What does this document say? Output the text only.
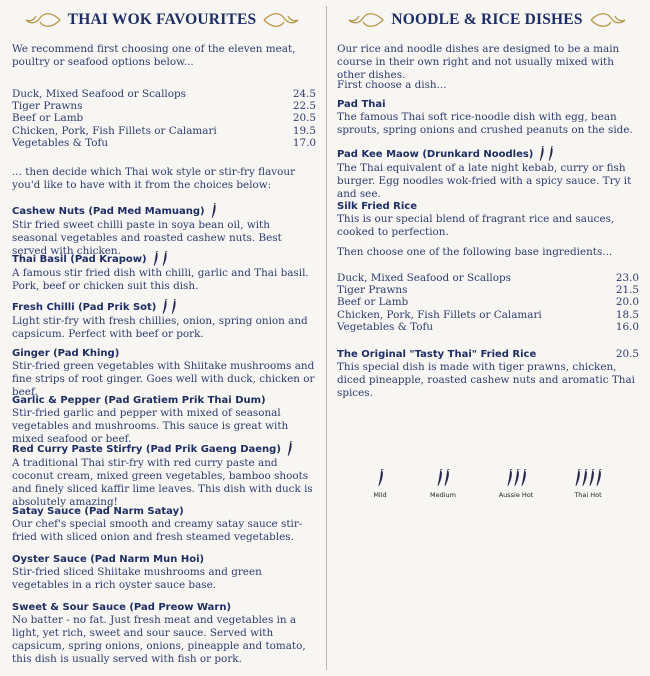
THAI WOK FAVOURITES
We recommend first choosing one of the eleven meat, poultry or seafood options below...
Duck, Mixed Seafood or Scallops	24.5
Tiger Prawns	22.5
Beef or Lamb	20.5
Chicken, Pork, Fish Fillets or Calamari	19.5
Vegetables & Tofu	17.0
... then decide which Thai wok style or stir-fry flavour you'd like to have with it from the choices below:
Cashew Nuts (Pad Med Mamuang)
Stir fried sweet chilli paste in soya bean oil, with seasonal vegetables and roasted cashew nuts. Best served with chicken.
Thai Basil (Pad Krapow)
A famous stir fried dish with chilli, garlic and Thai basil. Pork, beef or chicken suit this dish.
Fresh Chilli (Pad Prik Sot)
Light stir-fry with fresh chillies, onion, spring onion and capsicum. Perfect with beef or pork.
Ginger (Pad Khing)
Stir-fried green vegetables with Shiitake mushrooms and fine strips of root ginger. Goes well with duck, chicken or beef.
Garlic & Pepper (Pad Gratiem Prik Thai Dum)
Stir-fried garlic and pepper with mixed of seasonal vegetables and mushrooms. This sauce is great with mixed seafood or beef.
Red Curry Paste Stirfry (Pad Prik Gaeng Daeng)
A traditional Thai stir-fry with red curry paste and coconut cream, mixed green vegetables, bamboo shoots and finely sliced kaffir lime leaves. This dish with duck is absolutely amazing!
Satay Sauce (Pad Narm Satay)
Our chef's special smooth and creamy satay sauce stir-fried with sliced onion and fresh steamed vegetables.
Oyster Sauce (Pad Narm Mun Hoi)
Stir-fried sliced Shiitake mushrooms and green vegetables in a rich oyster sauce base.
Sweet & Sour Sauce (Pad Preow Warn)
No batter - no fat. Just fresh meat and vegetables in a light, yet rich, sweet and sour sauce. Served with capsicum, spring onions, onions, pineapple and tomato, this dish is usually served with fish or pork.
NOODLE & RICE DISHES
Our rice and noodle dishes are designed to be a main course in their own right and not usually mixed with other dishes.
First choose a dish...
Pad Thai
The famous Thai soft rice-noodle dish with egg, bean sprouts, spring onions and crushed peanuts on the side.
Pad Kee Maow (Drunkard Noodles)
The Thai equivalent of a late night kebab, curry or fish burger. Egg noodles wok-fried with a spicy sauce. Try it and see.
Silk Fried Rice
This is our special blend of fragrant rice and sauces, cooked to perfection.
Then choose one of the following base ingredients...
Duck, Mixed Seafood or Scallops	23.0
Tiger Prawns	21.5
Beef or Lamb	20.0
Chicken, Pork, Fish Fillets or Calamari	18.5
Vegetables & Tofu	16.0
The Original "Tasty Thai" Fried Rice	20.5
This special dish is made with tiger prawns, chicken, diced pineapple, roasted cashew nuts and aromatic Thai spices.
Mild	Medium	Aussie Hot	Thai Hot
